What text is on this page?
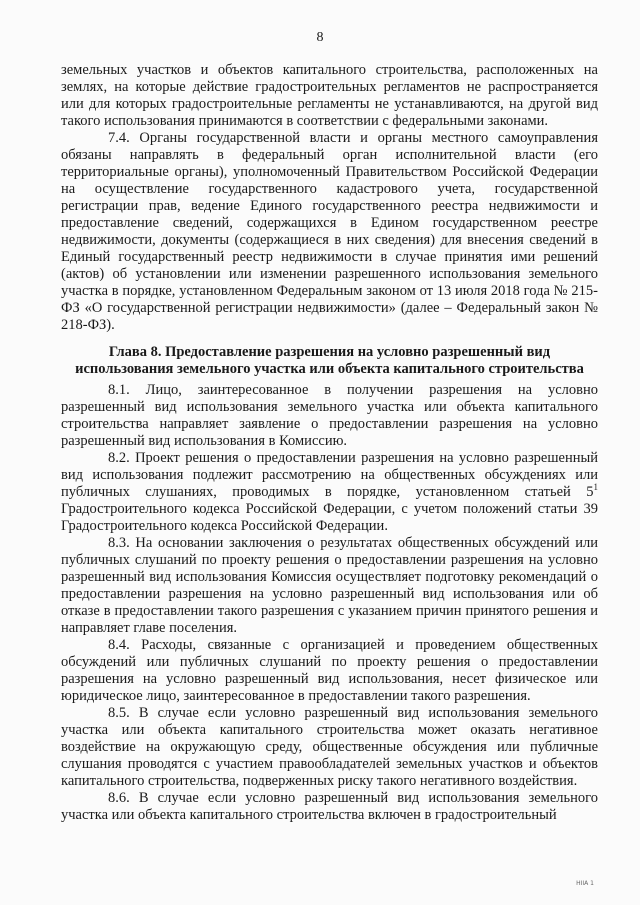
8

земельных участков и объектов капитального строительства, расположенных на землях, на которые действие градостроительных регламентов не распространяется или для которых градостроительные регламенты не устанавливаются, на другой вид такого использования принимаются в соответствии с федеральными законами.

7.4. Органы государственной власти и органы местного самоуправления обязаны направлять в федеральный орган исполнительной власти (его территориальные органы), уполномоченный Правительством Российской Федерации на осуществление государственного кадастрового учета, государственной регистрации прав, ведение Единого государственного реестра недвижимости и предоставление сведений, содержащихся в Едином государственном реестре недвижимости, документы (содержащиеся в них сведения) для внесения сведений в Единый государственный реестр недвижимости в случае принятия ими решений (актов) об установлении или изменении разрешенного использования земельного участка в порядке, установленном Федеральным законом от 13 июля 2018 года № 215-ФЗ «О государственной регистрации недвижимости» (далее – Федеральный закон № 218-ФЗ).

Глава 8. Предоставление разрешения на условно разрешенный вид использования земельного участка или объекта капитального строительства

8.1. Лицо, заинтересованное в получении разрешения на условно разрешенный вид использования земельного участка или объекта капитального строительства направляет заявление о предоставлении разрешения на условно разрешенный вид использования в Комиссию.

8.2. Проект решения о предоставлении разрешения на условно разрешенный вид использования подлежит рассмотрению на общественных обсуждениях или публичных слушаниях, проводимых в порядке, установленном статьей $5^1$ Градостроительного кодекса Российской Федерации, с учетом положений статьи 39 Градостроительного кодекса Российской Федерации.

8.3. На основании заключения о результатах общественных обсуждений или публичных слушаний по проекту решения о предоставлении разрешения на условно разрешенный вид использования Комиссия осуществляет подготовку рекомендаций о предоставлении разрешения на условно разрешенный вид использования или об отказе в предоставлении такого разрешения с указанием причин принятого решения и направляет главе поселения.

8.4. Расходы, связанные с организацией и проведением общественных обсуждений или публичных слушаний по проекту решения о предоставлении разрешения на условно разрешенный вид использования, несет физическое или юридическое лицо, заинтересованное в предоставлении такого разрешения.

8.5. В случае если условно разрешенный вид использования земельного участка или объекта капитального строительства может оказать негативное воздействие на окружающую среду, общественные обсуждения или публичные слушания проводятся с участием правообладателей земельных участков и объектов капитального строительства, подверженных риску такого негативного воздействия.

8.6. В случае если условно разрешенный вид использования земельного участка или объекта капитального строительства включен в градостроительный

HIIA 1
